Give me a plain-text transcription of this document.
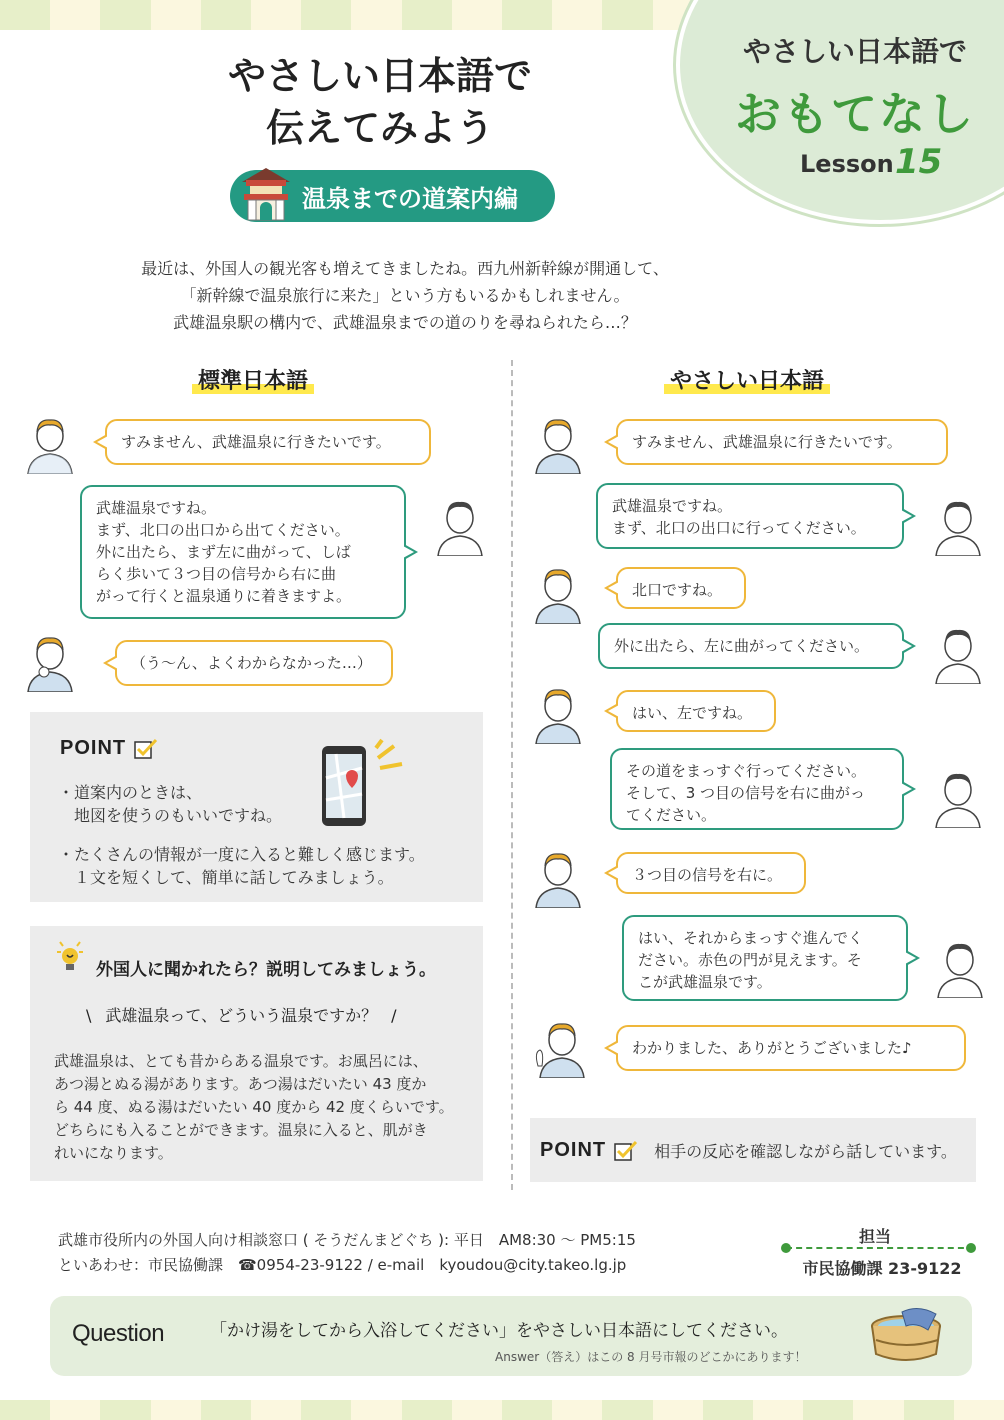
やさしい日本語で
おもてなし
Lesson 15
やさしい日本語で
伝えてみよう
温泉までの道案内編
最近は、外国人の観光客も増えてきましたね。西九州新幹線が開通して、
「新幹線で温泉旅行に来た」という方もいるかもしれません。
武雄温泉駅の構内で、武雄温泉までの道のりを尋ねられたら…？
標準日本語	やさしい日本語
すみません、武雄温泉に行きたいです。
武雄温泉ですね。
まず、北口の出口から出てください。
外に出たら、まず左に曲がって、しば
らく歩いて３つ目の信号から右に曲
がって行くと温泉通りに着きますよ。
（う～ん、よくわからなかった…）
POINT

・道案内のときは、

地図を使うのもいいですね。

・たくさんの情報が一度に入ると難しく感じます。

１文を短くして、簡単に話してみましょう。

外国人に聞かれたら？説明してみましょう。
\ 武雄温泉って、どういう温泉ですか？ /
武雄温泉は、とても昔からある温泉です。お風呂には、
あつ湯とぬる湯があります。あつ湯はだいたい 43 度か
ら 44 度、ぬる湯はだいたい 40 度から 42 度くらいです。
どちらにも入ることができます。温泉に入ると、肌がき
れいになります。
すみません、武雄温泉に行きたいです。
武雄温泉ですね。
まず、北口の出口に行ってください。
北口ですね。
外に出たら、左に曲がってください。
はい、左ですね。
その道をまっすぐ行ってください。
そして、3 つ目の信号を右に曲がっ
てください。
３つ目の信号を右に。
はい、それからまっすぐ進んでく
ださい。赤色の門が見えます。そ
こが武雄温泉です。
わかりました、ありがとうございました♪
POINT	相手の反応を確認しながら話しています。
武雄市役所内の外国人向け相談窓口 ( そうだんまどぐち ): 平日　AM8:30 ～ PM5:15
といあわせ：市民協働課　☎0954-23-9122 / e-mail　kyoudou@city.takeo.lg.jp
担当
市民協働課 23-9122
Question	「かけ湯をしてから入浴してください」をやさしい日本語にしてください。
Answer（答え）はこの 8 月号市報のどこかにあります！
